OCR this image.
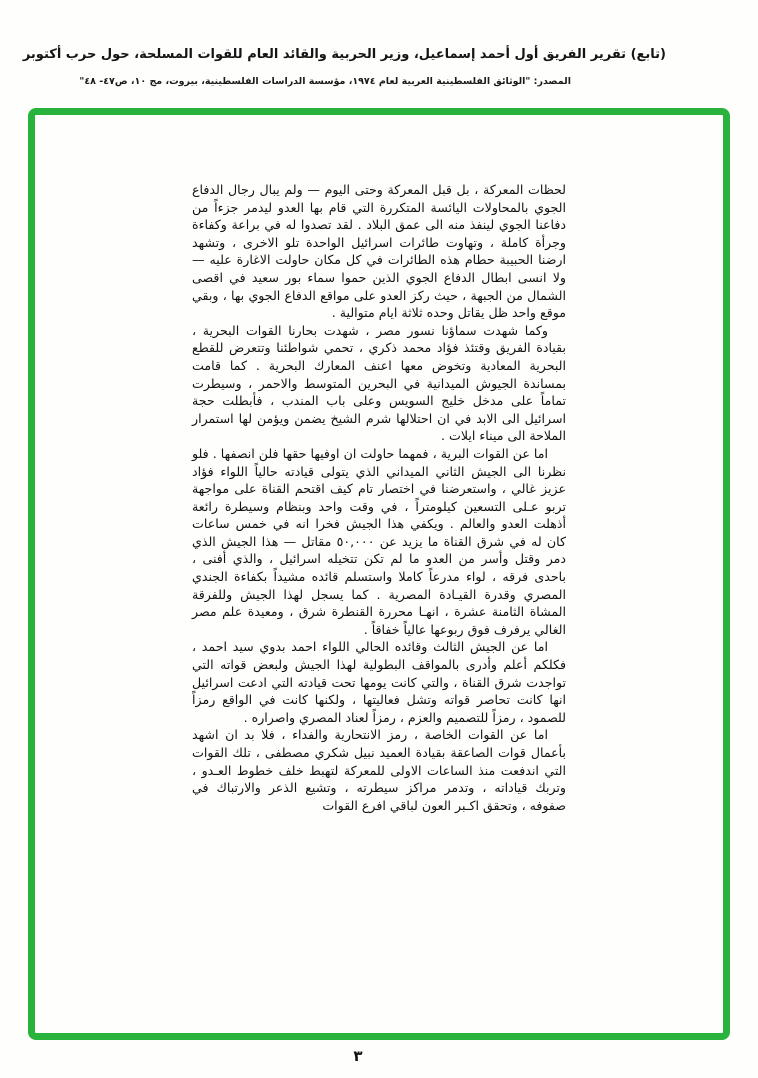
(تابع) تقرير الفريق أول أحمد إسماعيل، وزير الحربية والقائد العام للقوات المسلحة، حول حرب أكتوبر
المصدر: "الوثائق الفلسطينية العربية لعام ١٩٧٤، مؤسسة الدراسات الفلسطينية، بيروت، مج ١٠، ص٤٧- ٤٨"

لحظات المعركة ، بل قبل المعركة وحتى اليوم — ولم يبال رجال الدفاع الجوي بالمحاولات اليائسة المتكررة التي قام بها العدو ليدمر جزءاً من دفاعنا الجوي لينفذ منه الى عمق البلاد . لقد تصدوا له في براعة وكفاءة وجرأة كاملة ، وتهاوت طائرات اسرائيل الواحدة تلو الاخرى ، وتشهد ارضنا الحبيبة حطام هذه الطائرات في كل مكان حاولت الاغارة عليه — ولا انسى ابطال الدفاع الجوي الذين حموا سماء بور سعيد في اقصى الشمال من الجبهة ، حيث ركز العدو على مواقع الدفاع الجوي بها ، وبقي موقع واحد ظل يقاتل وحده ثلاثة ايام متوالية .

وكما شهدت سماؤنا نسور مصر ، شهدت بحارنا القوات البحرية ، بقيادة الفريق وقتئذ فؤاد محمد ذكري ، تحمي شواطئنا وتتعرض للقطع البحرية المعادية وتخوض معها اعنف المعارك البحرية . كما قامت بمساندة الجيوش الميدانية في البحرين المتوسط والاحمر ، وسيطرت تماماً على مدخل خليج السويس وعلى باب المندب ، فأبطلت حجة اسرائيل الى الابد في ان احتلالها شرم الشيخ يضمن ويؤمن لها استمرار الملاحة الى ميناء ايلات .

اما عن القوات البرية ، فمهما حاولت ان اوفيها حقها فلن انصفها . فلو نظرنا الى الجيش الثاني الميداني الذي يتولى قيادته حالياً اللواء فؤاد عزيز غالي ، واستعرضنا في اختصار تام كيف اقتحم القناة على مواجهة تربو عـلى التسعين كيلومتراً ، في وقت واحد وبنظام وسيطرة رائعة أذهلت العدو والعالم . ويكفي هذا الجيش فخرا انه في خمس ساعات كان له في شرق القناة ما يزيد عن ٥٠,٠٠٠ مقاتل — هذا الجيش الذي دمر وقتل وأسر من العدو ما لم تكن تتخيله اسرائيل ، والذي أفنى ، باحدى فرقه ، لواء مدرعاً كاملا واستسلم قائده مشيداً بكفاءة الجندي المصري وقدرة القيـادة المصرية . كما يسجل لهذا الجيش وللفرقة المشاة الثامنة عشرة ، انهـا محررة القنطرة شرق ، ومعيدة علم مصر الغالي يرفرف فوق ربوعها عالياً خفاقاً .

اما عن الجيش الثالث وقائده الحالي اللواء احمد بدوي سيد احمد ، فكلكم أعلم وأدرى بالمواقف البطولية لهذا الجيش ولبعض قواته التي تواجدت شرق القناة ، والتي كانت يومها تحت قيادته التي ادعت اسرائيل انها كانت تحاصر قواته وتشل فعاليتها ، ولكنها كانت في الواقع رمزاً للصمود ، رمزاً للتصميم والعزم ، رمزاً لعناد المصري واصراره .

اما عن القوات الخاصة ، رمز الانتحارية والفداء ، فلا بد ان اشهد بأعمال قوات الصاعقة بقيادة العميد نبيل شكري مصطفى ، تلك القوات التي اندفعت منذ الساعات الاولى للمعركة لتهبط خلف خطوط العـدو ، وتربك قياداته ، وتدمر مراكز سيطرته ، وتشيع الذعر والارتباك في صفوفه ، وتحقق اكـبر العون لباقي افرع القوات

٣
